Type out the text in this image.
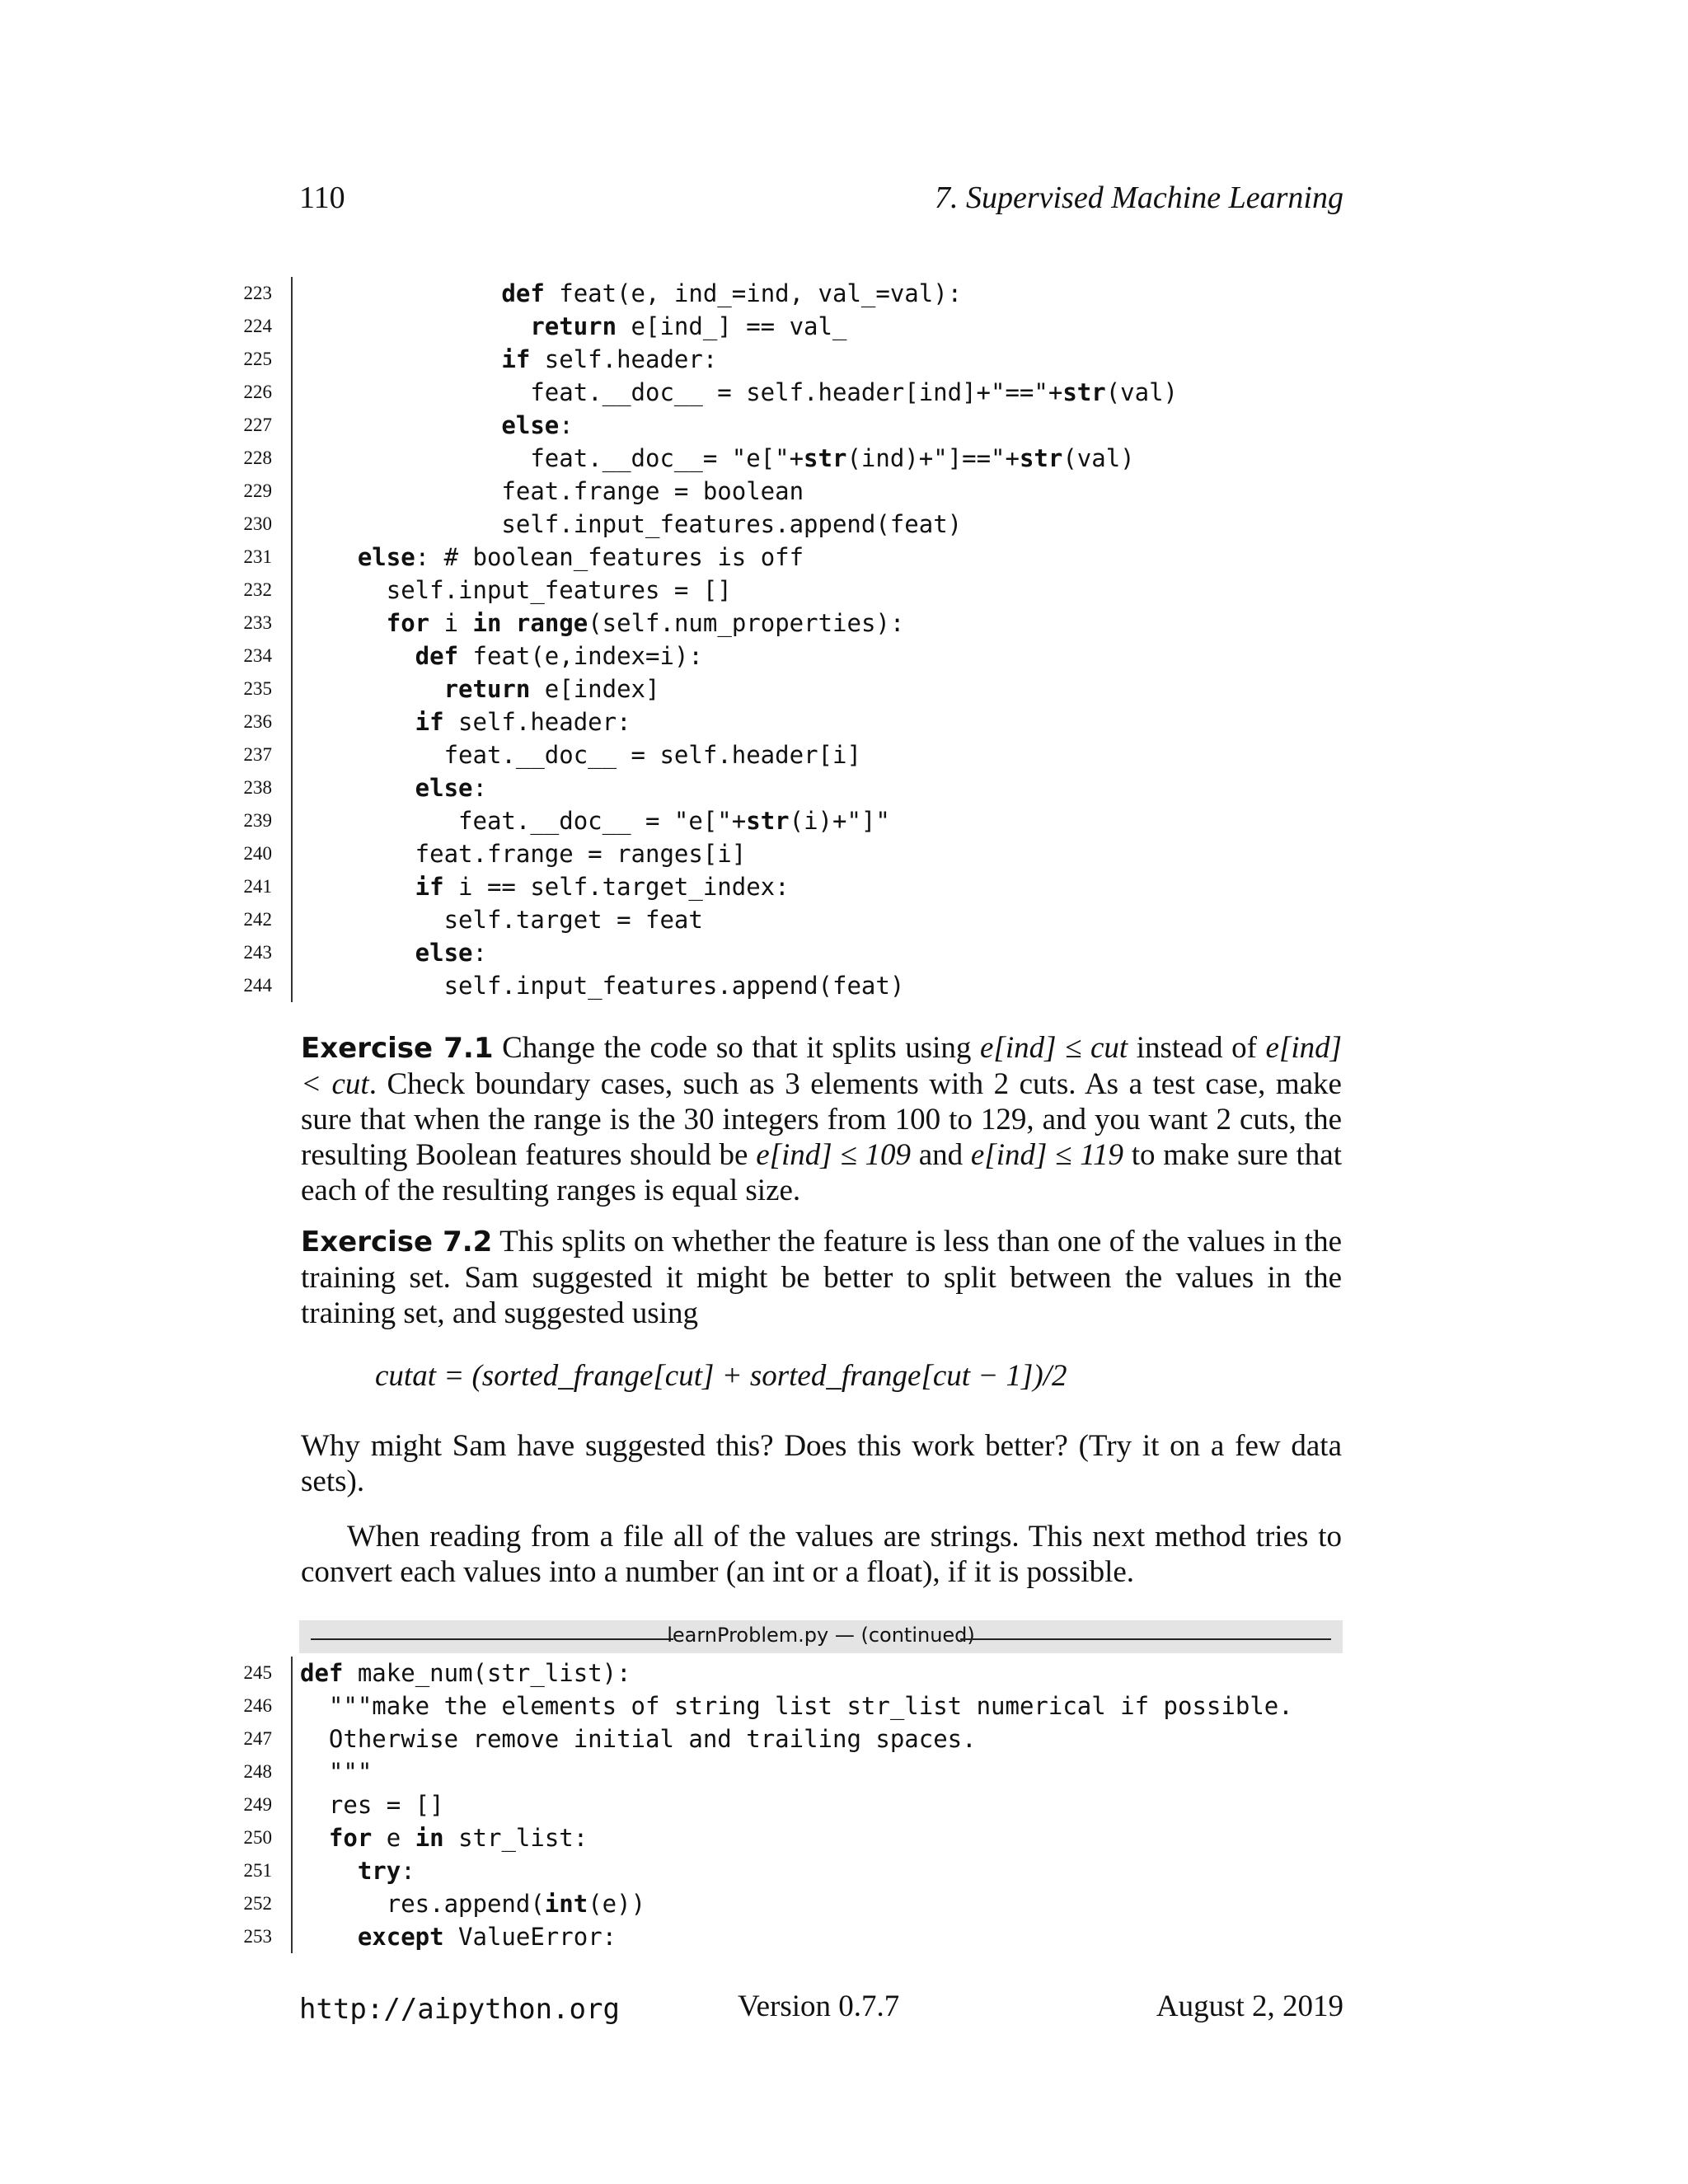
110	7. Supervised Machine Learning
223	def feat(e, ind_=ind, val_=val):
224	return e[ind_] == val_
225	if self.header:
226	feat.__doc__ = self.header[ind]+"=="+str(val)
227	else:
228	feat.__doc__= "e["+str(ind)+"]=="+str(val)
229	feat.frange = boolean
230	self.input_features.append(feat)
231	else: # boolean_features is off
232	self.input_features = []
233	for i in range(self.num_properties):
234	def feat(e,index=i):
235	return e[index]
236	if self.header:
237	feat.__doc__ = self.header[i]
238	else:
239	feat.__doc__ = "e["+str(i)+"]"
240	feat.frange = ranges[i]
241	if i == self.target_index:
242	self.target = feat
243	else:
244	self.input_features.append(feat)
Exercise 7.1 Change the code so that it splits using e[ind] ≤ cut instead of e[ind] < cut. Check boundary cases, such as 3 elements with 2 cuts. As a test case, make sure that when the range is the 30 integers from 100 to 129, and you want 2 cuts, the resulting Boolean features should be e[ind] ≤ 109 and e[ind] ≤ 119 to make sure that each of the resulting ranges is equal size.
Exercise 7.2 This splits on whether the feature is less than one of the values in the training set. Sam suggested it might be better to split between the values in the training set, and suggested using
cutat = (sorted_frange[cut] + sorted_frange[cut − 1])/2
Why might Sam have suggested this? Does this work better? (Try it on a few data sets).
When reading from a file all of the values are strings. This next method tries to convert each values into a number (an int or a float), if it is possible.
learnProblem.py — (continued)
245 def make_num(str_list):
246 """make the elements of string list str_list numerical if possible.
247 Otherwise remove initial and trailing spaces.
248 """
249 res = []
250 for e in str_list:
251	try:
252	res.append(int(e))
253	except ValueError:
http://aipython.org	Version 0.7.7	August 2, 2019
